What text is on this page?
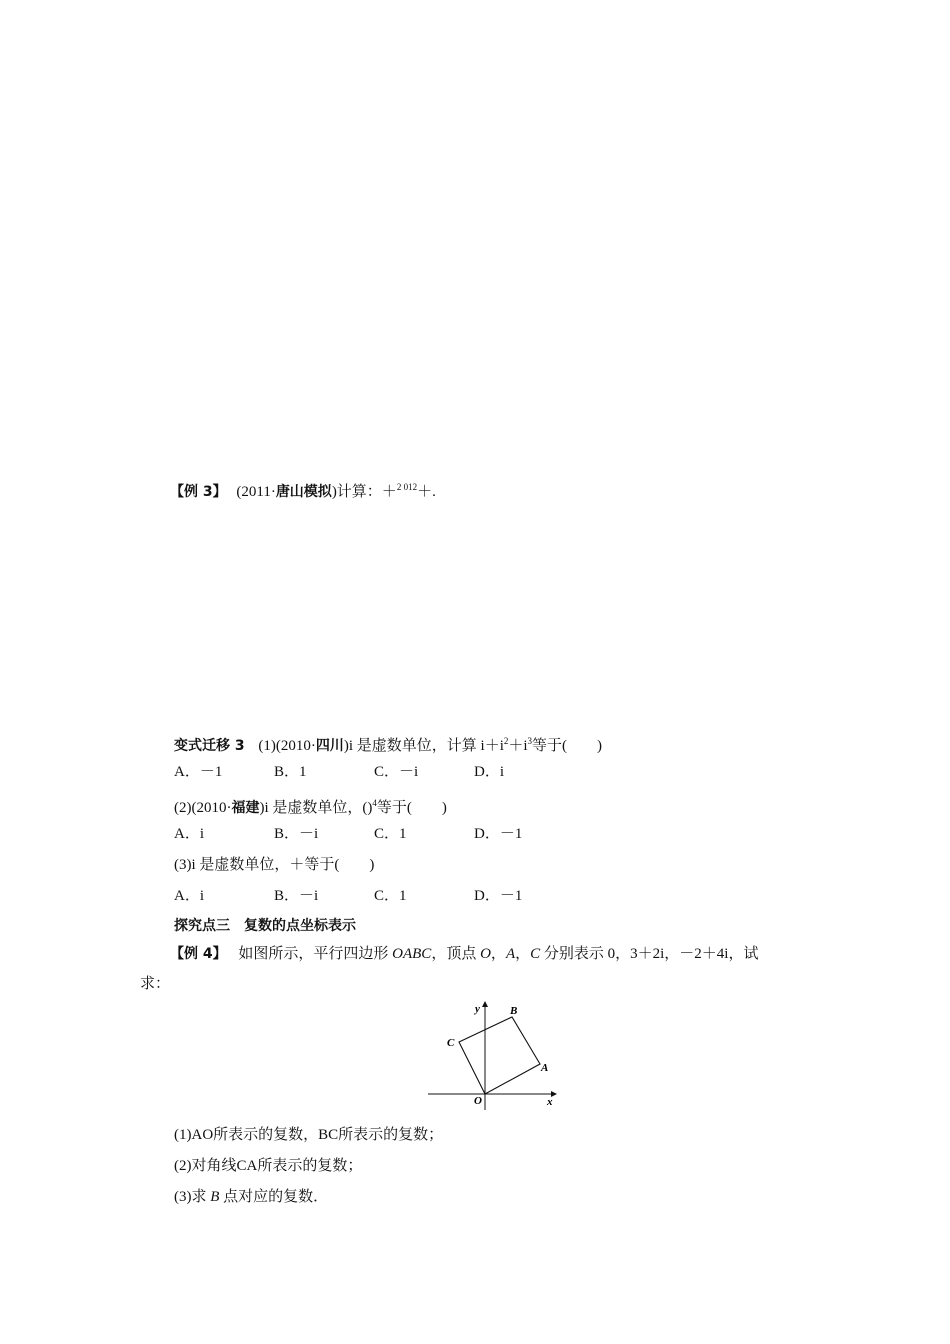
【例 3】 (2011·唐山模拟)计算：＋$^{2 012}$＋.
变式迁移 3 (1)(2010·四川)i 是虚数单位，计算 $i+i^2+i^3$等于(　　)
A．－1	B．1	C．－i	D．i
(2)(2010·福建)i 是虚数单位，()$^4$等于(　　)
A．i	B．－i	C．1	D．－1
(3)i 是虚数单位，＋等于(　　)
A．i	B．－i	C．1	D．－1
探究点三　复数的点坐标表示
【例 4】 如图所示，平行四边形 OABC，顶点 O，A，C 分别表示 0，3＋2i，－2＋4i，试
求：
y	B
C
A
O	x
(1)AO所表示的复数，BC所表示的复数；
(2)对角线CA所表示的复数；
(3)求 B 点对应的复数．
